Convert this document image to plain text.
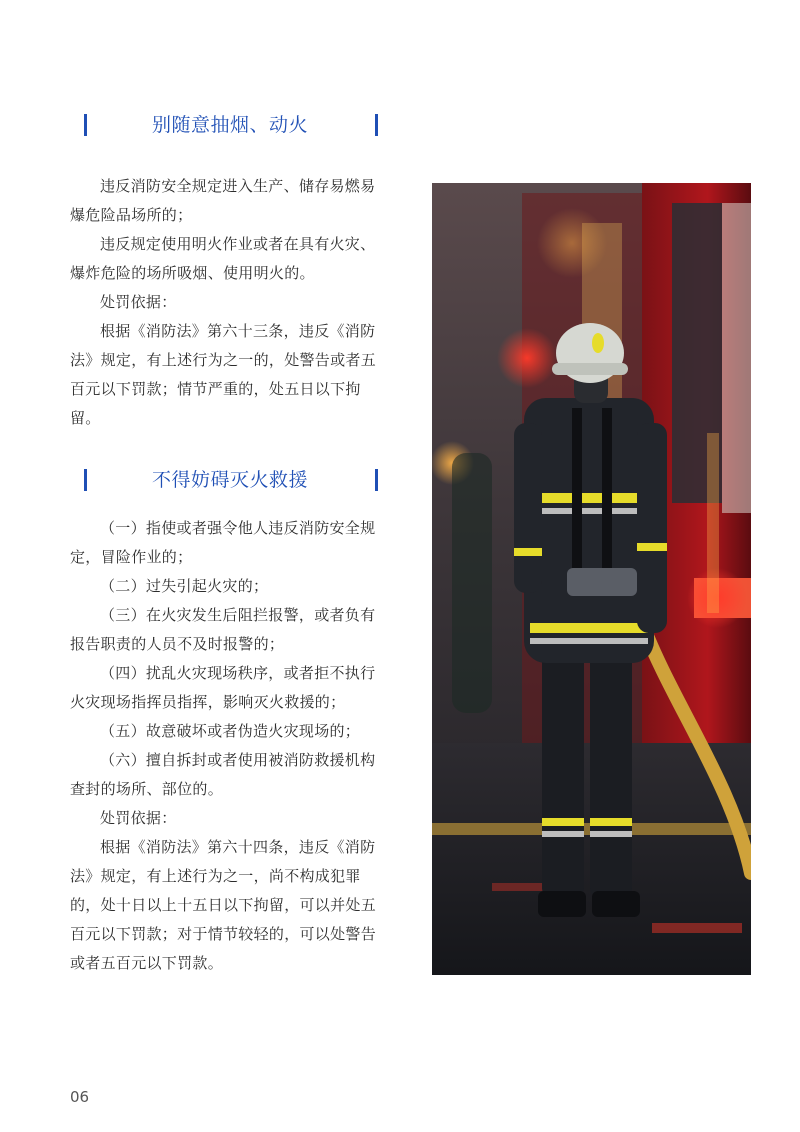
别随意抽烟、动火

违反消防安全规定进入生产、储存易燃易爆危险品场所的；

违反规定使用明火作业或者在具有火灾、爆炸危险的场所吸烟、使用明火的。

处罚依据：

根据《消防法》第六十三条，违反《消防法》规定，有上述行为之一的，处警告或者五百元以下罚款；情节严重的，处五日以下拘留。

不得妨碍灭火救援

（一）指使或者强令他人违反消防安全规定，冒险作业的；

（二）过失引起火灾的；

（三）在火灾发生后阻拦报警，或者负有报告职责的人员不及时报警的；

（四）扰乱火灾现场秩序，或者拒不执行火灾现场指挥员指挥，影响灭火救援的；

（五）故意破坏或者伪造火灾现场的；

（六）擅自拆封或者使用被消防救援机构查封的场所、部位的。

处罚依据：

根据《消防法》第六十四条，违反《消防法》规定，有上述行为之一，尚不构成犯罪的，处十日以上十五日以下拘留，可以并处五百元以下罚款；对于情节较轻的，可以处警告或者五百元以下罚款。

06
